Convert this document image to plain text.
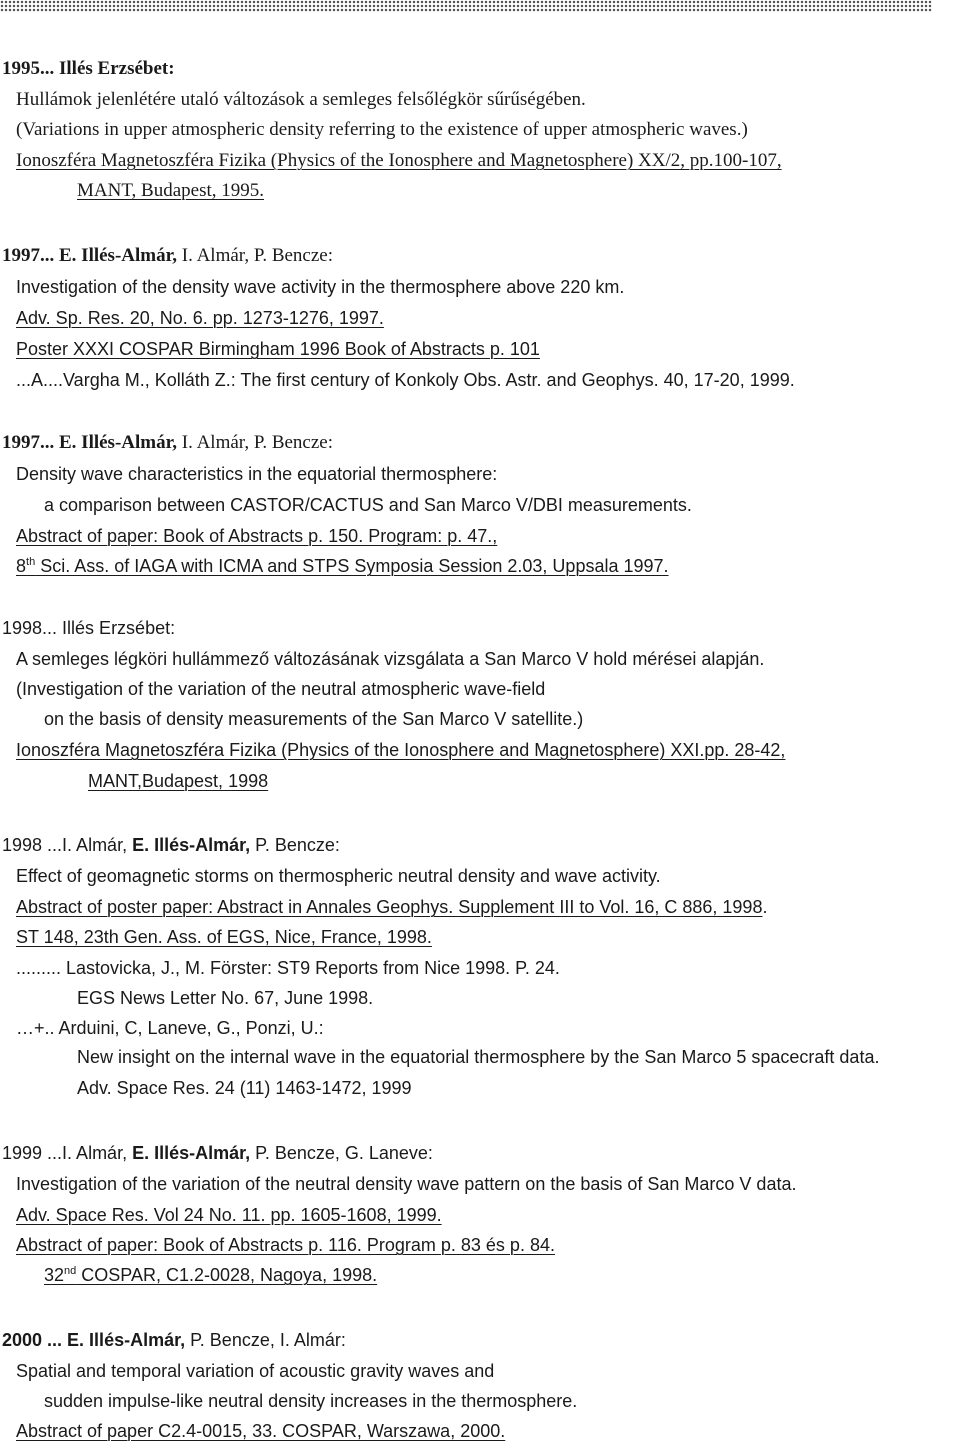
1995... Illés Erzsébet:
Hullámok jelenlétére utaló változások a semleges felsőlégkör sűrűségében.
(Variations in upper atmospheric density referring to the existence of upper atmospheric waves.)
Ionoszféra Magnetoszféra Fizika (Physics of the Ionosphere and Magnetosphere) XX/2, pp.100-107,
MANT, Budapest, 1995.
1997... E. Illés-Almár, I. Almár, P. Bencze:
Investigation of the density wave activity in the thermosphere above 220 km.
Adv. Sp. Res. 20, No. 6. pp. 1273-1276, 1997.
Poster XXXI COSPAR Birmingham 1996 Book of Abstracts p. 101
...A....Vargha M., Kolláth Z.: The first century of Konkoly Obs. Astr. and Geophys. 40, 17-20, 1999.
1997... E. Illés-Almár, I. Almár, P. Bencze:
Density wave characteristics in the equatorial thermosphere:
a comparison between CASTOR/CACTUS and San Marco V/DBI measurements.
Abstract of paper: Book of Abstracts p. 150. Program: p. 47.,
8th Sci. Ass. of IAGA with ICMA and STPS Symposia Session 2.03, Uppsala 1997.
1998... Illés Erzsébet:
A semleges légköri hullámmező változásának vizsgálata a San Marco V hold mérései alapján.
(Investigation of the variation of the neutral atmospheric wave-field
on the basis of density measurements of the San Marco V satellite.)
Ionoszféra Magnetoszféra Fizika (Physics of the Ionosphere and Magnetosphere) XXI.pp. 28-42,
MANT,Budapest, 1998
1998 ...I. Almár, E. Illés-Almár, P. Bencze:
Effect of geomagnetic storms on thermospheric neutral density and wave activity.
Abstract of poster paper: Abstract in Annales Geophys. Supplement III to Vol. 16, C 886, 1998.
ST 148, 23th Gen. Ass. of EGS, Nice, France, 1998.
......... Lastovicka, J., M. Förster: ST9 Reports from Nice 1998. P. 24.
EGS News Letter No. 67, June 1998.
…+.. Arduini, C, Laneve, G., Ponzi, U.:
New insight on the internal wave in the equatorial thermosphere by the San Marco 5 spacecraft data.
Adv. Space Res. 24 (11) 1463-1472, 1999
1999 ...I. Almár, E. Illés-Almár, P. Bencze, G. Laneve:
Investigation of the variation of the neutral density wave pattern on the basis of San Marco V data.
Adv. Space Res. Vol 24 No. 11. pp. 1605-1608, 1999.
Abstract of paper: Book of Abstracts p. 116. Program p. 83 és p. 84.
32nd COSPAR, C1.2-0028, Nagoya, 1998.
2000 ... E. Illés-Almár, P. Bencze, I. Almár:
Spatial and temporal variation of acoustic gravity waves and
sudden impulse-like neutral density increases in the thermosphere.
Abstract of paper C2.4-0015, 33. COSPAR, Warszawa, 2000.
